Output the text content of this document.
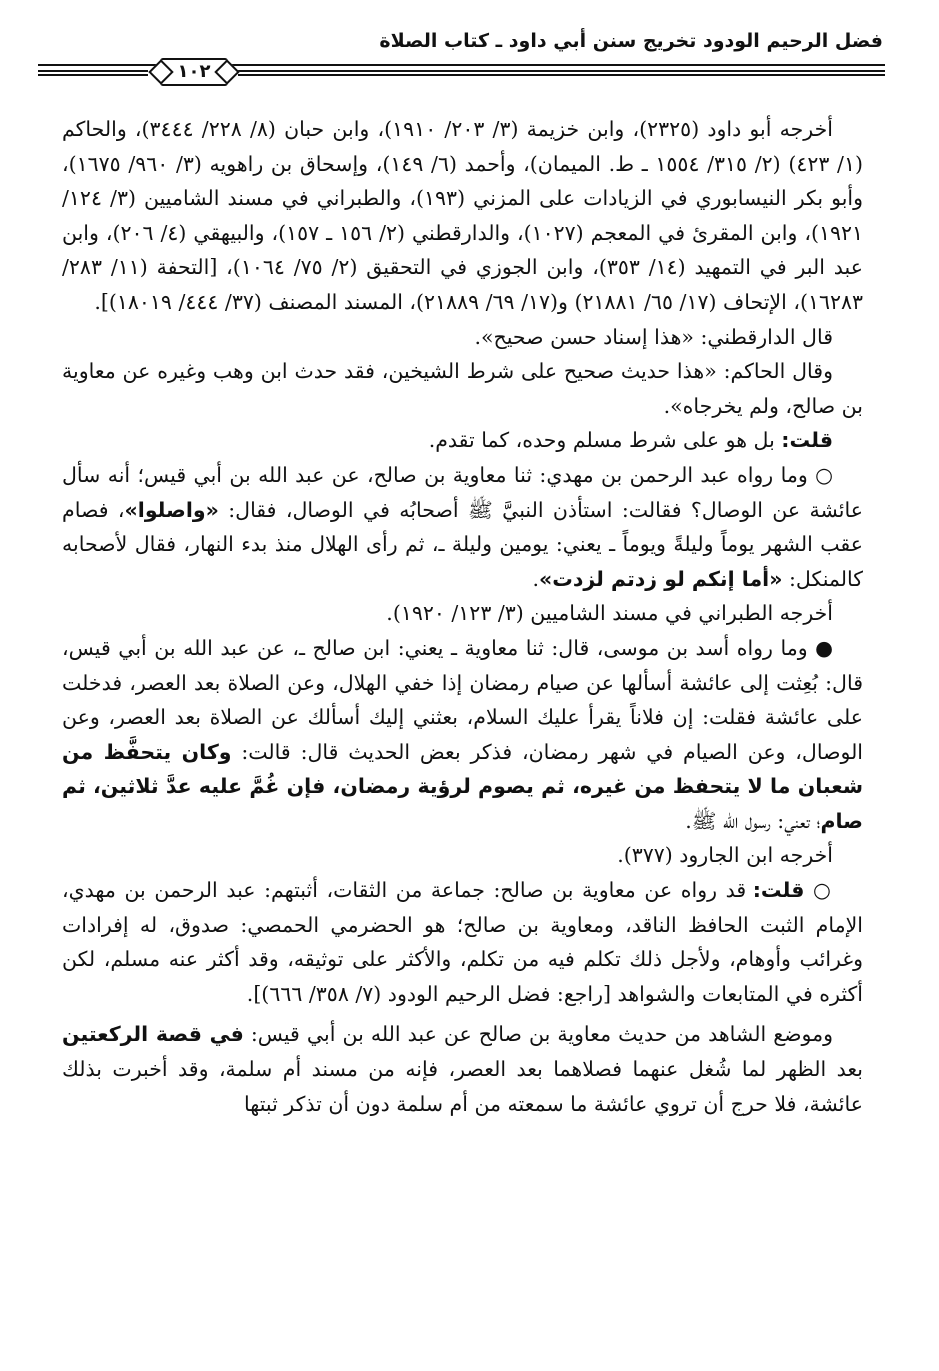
فضل الرحيم الودود تخريج سنن أبي داود ـ كتاب الصلاة
١٠٢

أخرجه أبو داود (٢٣٢٥)، وابن خزيمة (٣/ ٢٠٣/ ١٩١٠)، وابن حبان (٨/ ٢٢٨/ ٣٤٤٤)، والحاكم (١/ ٤٢٣) (٢/ ٣١٥/ ١٥٥٤ ـ ط. الميمان)، وأحمد (٦/ ١٤٩)، وإسحاق بن راهويه (٣/ ٩٦٠/ ١٦٧٥)، وأبو بكر النيسابوري في الزيادات على المزني (١٩٣)، والطبراني في مسند الشاميين (٣/ ١٢٤/ ١٩٢١)، وابن المقرئ في المعجم (١٠٢٧)، والدارقطني (٢/ ١٥٦ ـ ١٥٧)، والبيهقي (٤/ ٢٠٦)، وابن عبد البر في التمهيد (١٤/ ٣٥٣)، وابن الجوزي في التحقيق (٢/ ٧٥/ ١٠٦٤)، [التحفة (١١/ ٢٨٣/ ١٦٢٨٣)، الإتحاف (١٧/ ٦٥/ ٢١٨٨١) و(١٧/ ٦٩/ ٢١٨٨٩)، المسند المصنف (٣٧/ ٤٤٤/ ١٨٠١٩)].

قال الدارقطني: «هذا إسناد حسن صحيح».

وقال الحاكم: «هذا حديث صحيح على شرط الشيخين، فقد حدث ابن وهب وغيره عن معاوية بن صالح، ولم يخرجاه».

قلت: بل هو على شرط مسلم وحده، كما تقدم.

○ وما رواه عبد الرحمن بن مهدي: ثنا معاوية بن صالح، عن عبد الله بن أبي قيس؛ أنه سأل عائشة عن الوصال؟ فقالت: استأذن النبيَّ ﷺ أصحابُه في الوصال، فقال: «واصلوا»، فصام عقب الشهر يوماً وليلةً ويوماً ـ يعني: يومين وليلة ـ، ثم رأى الهلال منذ بدء النهار، فقال لأصحابه كالمنكل: «أما إنكم لو زدتم لزدت».

أخرجه الطبراني في مسند الشاميين (٣/ ١٢٣/ ١٩٢٠).

● وما رواه أسد بن موسى، قال: ثنا معاوية ـ يعني: ابن صالح ـ، عن عبد الله بن أبي قيس، قال: بُعِثت إلى عائشة أسألها عن صيام رمضان إذا خفي الهلال، وعن الصلاة بعد العصر، فدخلت على عائشة فقلت: إن فلاناً يقرأ عليك السلام، بعثني إليك أسألك عن الصلاة بعد العصر، وعن الوصال، وعن الصيام في شهر رمضان، فذكر بعض الحديث قال: قالت: وكان يتحفَّظ من شعبان ما لا يتحفظ من غيره، ثم يصوم لرؤية رمضان، فإن غُمَّ عليه عدَّ ثلاثين، ثم صام؛ تعني: رسول الله ﷺ.

أخرجه ابن الجارود (٣٧٧).

○ قلت: قد رواه عن معاوية بن صالح: جماعة من الثقات، أثبتهم: عبد الرحمن بن مهدي، الإمام الثبت الحافظ الناقد، ومعاوية بن صالح؛ هو الحضرمي الحمصي: صدوق، له إفرادات وغرائب وأوهام، ولأجل ذلك تكلم فيه من تكلم، والأكثر على توثيقه، وقد أكثر عنه مسلم، لكن أكثره في المتابعات والشواهد [راجع: فضل الرحيم الودود (٧/ ٣٥٨/ ٦٦٦)].

وموضع الشاهد من حديث معاوية بن صالح عن عبد الله بن أبي قيس: في قصة الركعتين بعد الظهر لما شُغل عنهما فصلاهما بعد العصر، فإنه من مسند أم سلمة، وقد أخبرت بذلك عائشة، فلا حرج أن تروي عائشة ما سمعته من أم سلمة دون أن تذكر ثبتها
